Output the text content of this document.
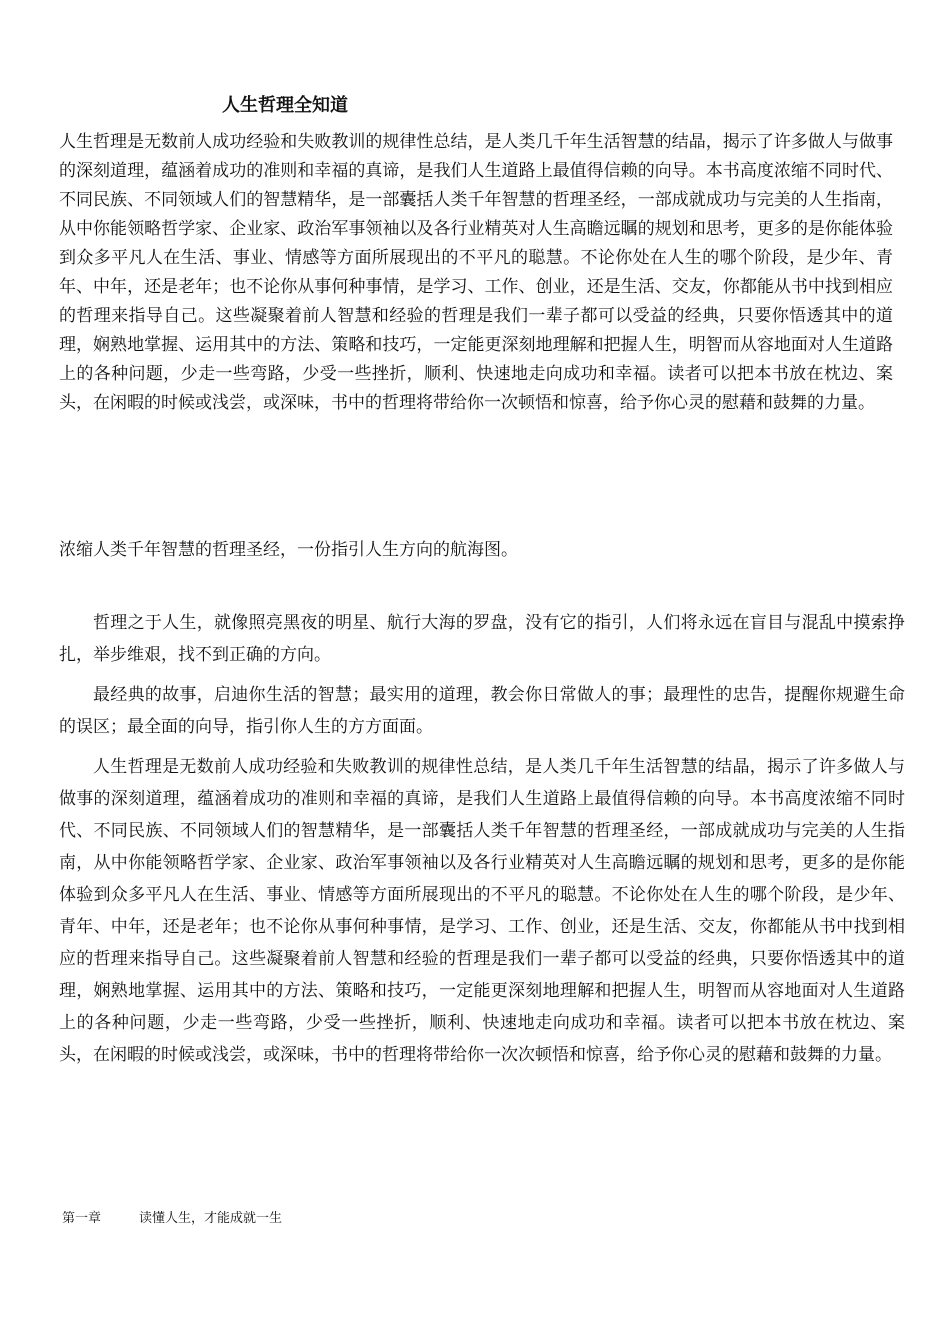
人生哲理全知道

人生哲理是无数前人成功经验和失败教训的规律性总结，是人类几千年生活智慧的结晶，揭示了许多做人与做事的深刻道理，蕴涵着成功的准则和幸福的真谛，是我们人生道路上最值得信赖的向导。本书高度浓缩不同时代、不同民族、不同领域人们的智慧精华，是一部囊括人类千年智慧的哲理圣经，一部成就成功与完美的人生指南，从中你能领略哲学家、企业家、政治军事领袖以及各行业精英对人生高瞻远瞩的规划和思考，更多的是你能体验到众多平凡人在生活、事业、情感等方面所展现出的不平凡的聪慧。不论你处在人生的哪个阶段，是少年、青年、中年，还是老年；也不论你从事何种事情，是学习、工作、创业，还是生活、交友，你都能从书中找到相应的哲理来指导自己。这些凝聚着前人智慧和经验的哲理是我们一辈子都可以受益的经典，只要你悟透其中的道理，娴熟地掌握、运用其中的方法、策略和技巧，一定能更深刻地理解和把握人生，明智而从容地面对人生道路上的各种问题，少走一些弯路，少受一些挫折，顺利、快速地走向成功和幸福。读者可以把本书放在枕边、案头，在闲暇的时候或浅尝，或深味，书中的哲理将带给你一次顿悟和惊喜，给予你心灵的慰藉和鼓舞的力量。

浓缩人类千年智慧的哲理圣经，一份指引人生方向的航海图。

哲理之于人生，就像照亮黑夜的明星、航行大海的罗盘，没有它的指引，人们将永远在盲目与混乱中摸索挣扎，举步维艰，找不到正确的方向。

最经典的故事，启迪你生活的智慧；最实用的道理，教会你日常做人的事；最理性的忠告，提醒你规避生命的误区；最全面的向导，指引你人生的方方面面。

人生哲理是无数前人成功经验和失败教训的规律性总结，是人类几千年生活智慧的结晶，揭示了许多做人与做事的深刻道理，蕴涵着成功的准则和幸福的真谛，是我们人生道路上最值得信赖的向导。本书高度浓缩不同时代、不同民族、不同领域人们的智慧精华，是一部囊括人类千年智慧的哲理圣经，一部成就成功与完美的人生指南，从中你能领略哲学家、企业家、政治军事领袖以及各行业精英对人生高瞻远瞩的规划和思考，更多的是你能体验到众多平凡人在生活、事业、情感等方面所展现出的不平凡的聪慧。不论你处在人生的哪个阶段，是少年、青年、中年，还是老年；也不论你从事何种事情，是学习、工作、创业，还是生活、交友，你都能从书中找到相应的哲理来指导自己。这些凝聚着前人智慧和经验的哲理是我们一辈子都可以受益的经典，只要你悟透其中的道理，娴熟地掌握、运用其中的方法、策略和技巧，一定能更深刻地理解和把握人生，明智而从容地面对人生道路上的各种问题，少走一些弯路，少受一些挫折，顺利、快速地走向成功和幸福。读者可以把本书放在枕边、案头，在闲暇的时候或浅尝，或深味，书中的哲理将带给你一次次顿悟和惊喜，给予你心灵的慰藉和鼓舞的力量。

第一章	读懂人生，才能成就一生
